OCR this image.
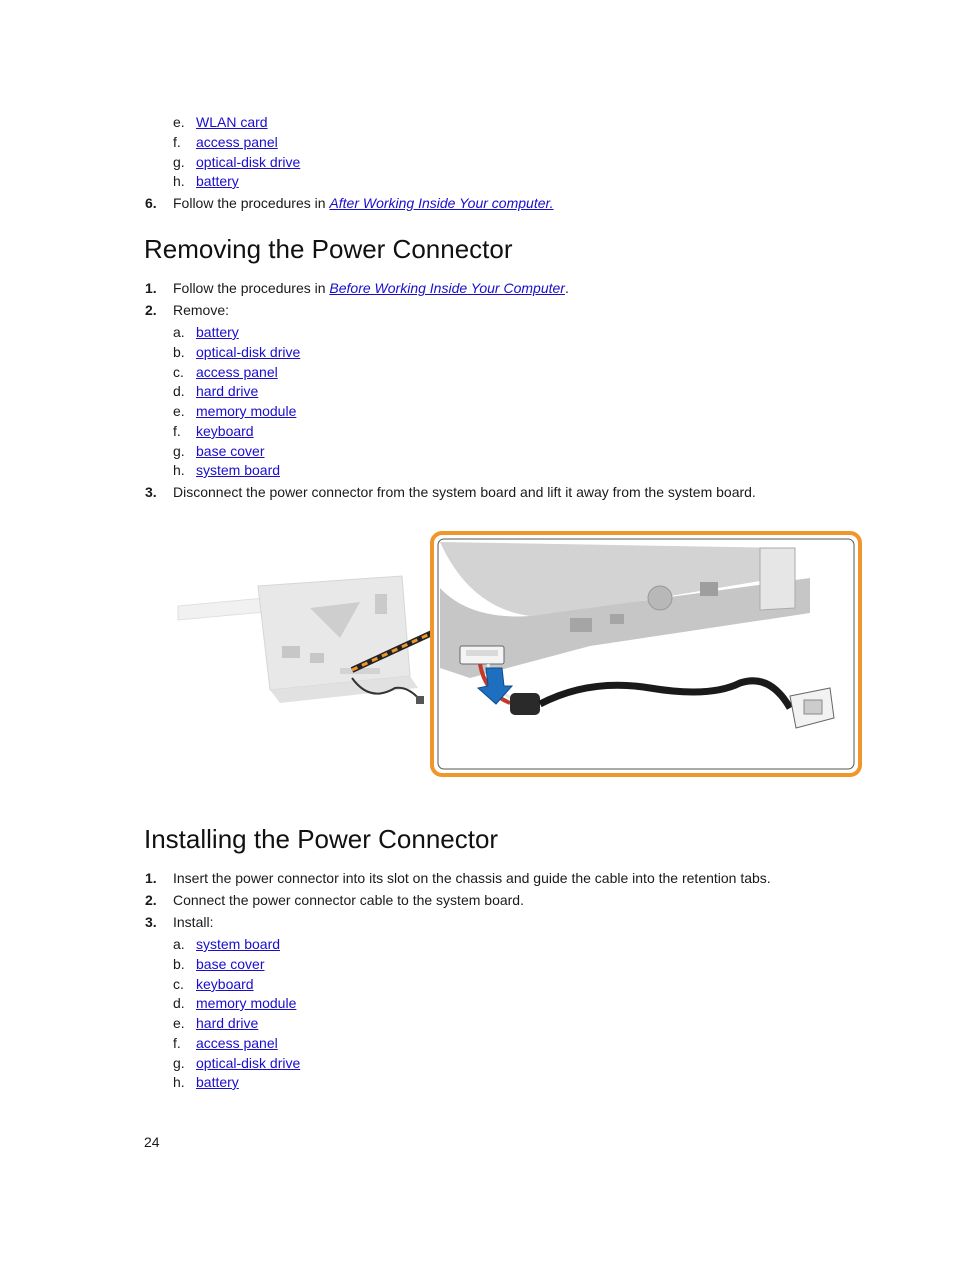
e. WLAN card
f. access panel
g. optical-disk drive
h. battery
6. Follow the procedures in After Working Inside Your computer.
Removing the Power Connector
1. Follow the procedures in Before Working Inside Your Computer.
2. Remove:
a. battery
b. optical-disk drive
c. access panel
d. hard drive
e. memory module
f. keyboard
g. base cover
h. system board
3. Disconnect the power connector from the system board and lift it away from the system board.
Installing the Power Connector
1. Insert the power connector into its slot on the chassis and guide the cable into the retention tabs.
2. Connect the power connector cable to the system board.
3. Install:
a. system board
b. base cover
c. keyboard
d. memory module
e. hard drive
f. access panel
g. optical-disk drive
h. battery
24
